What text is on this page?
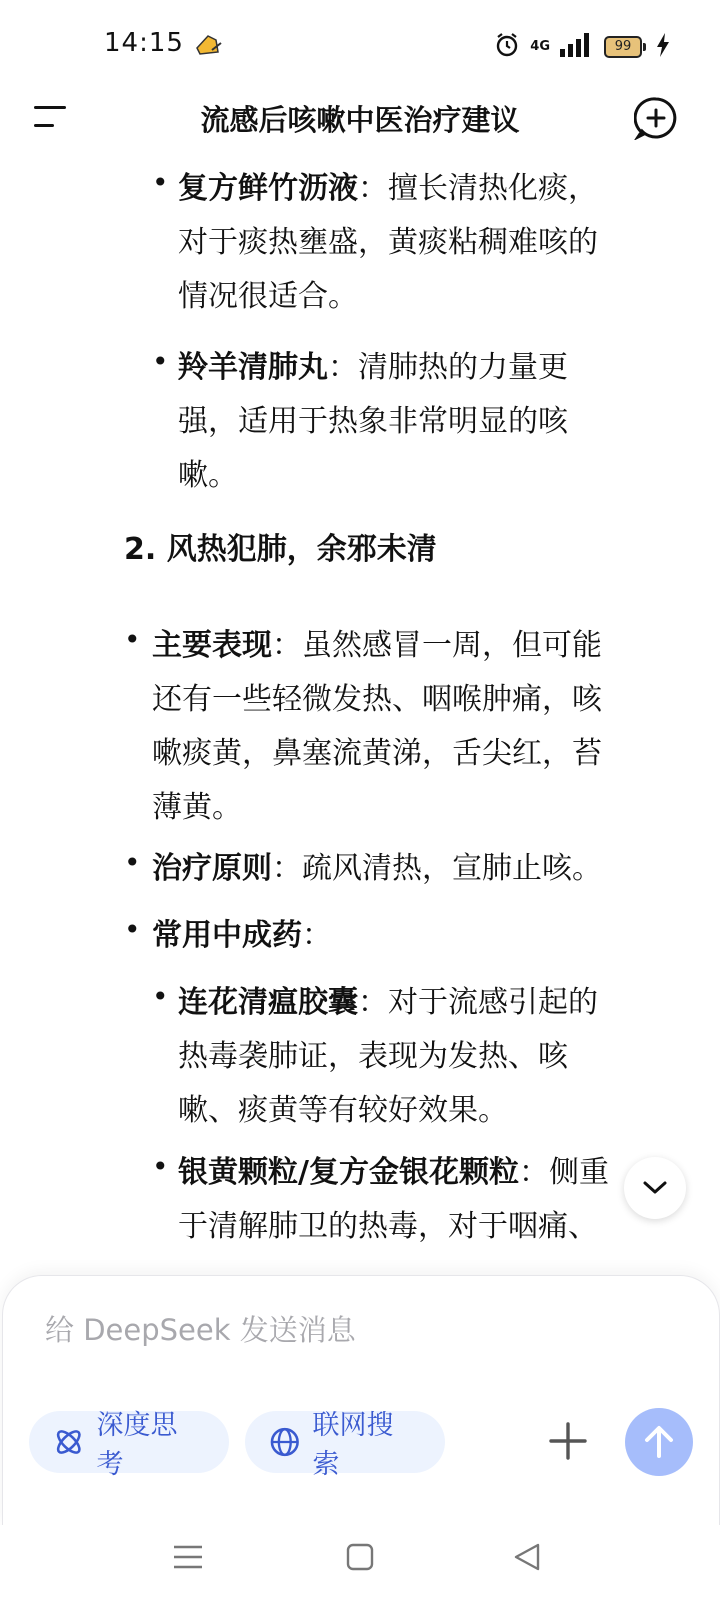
14:15	4G	99
流感后咳嗽中医治疗建议
• 复方鲜竹沥液：擅长清热化痰，
对于痰热壅盛，黄痰粘稠难咳的
情况很适合。
• 羚羊清肺丸：清肺热的力量更
强，适用于热象非常明显的咳
嗽。
2. 风热犯肺，余邪未清
• 主要表现：虽然感冒一周，但可能
还有一些轻微发热、咽喉肿痛，咳
嗽痰黄，鼻塞流黄涕，舌尖红，苔
薄黄。
• 治疗原则：疏风清热，宣肺止咳。
• 常用中成药：
• 连花清瘟胶囊：对于流感引起的
热毒袭肺证，表现为发热、咳
嗽、痰黄等有较好效果。
• 银黄颗粒/复方金银花颗粒：侧重
于清解肺卫的热毒，对于咽痛、
给 DeepSeek 发送消息
深度思考
联网搜索
